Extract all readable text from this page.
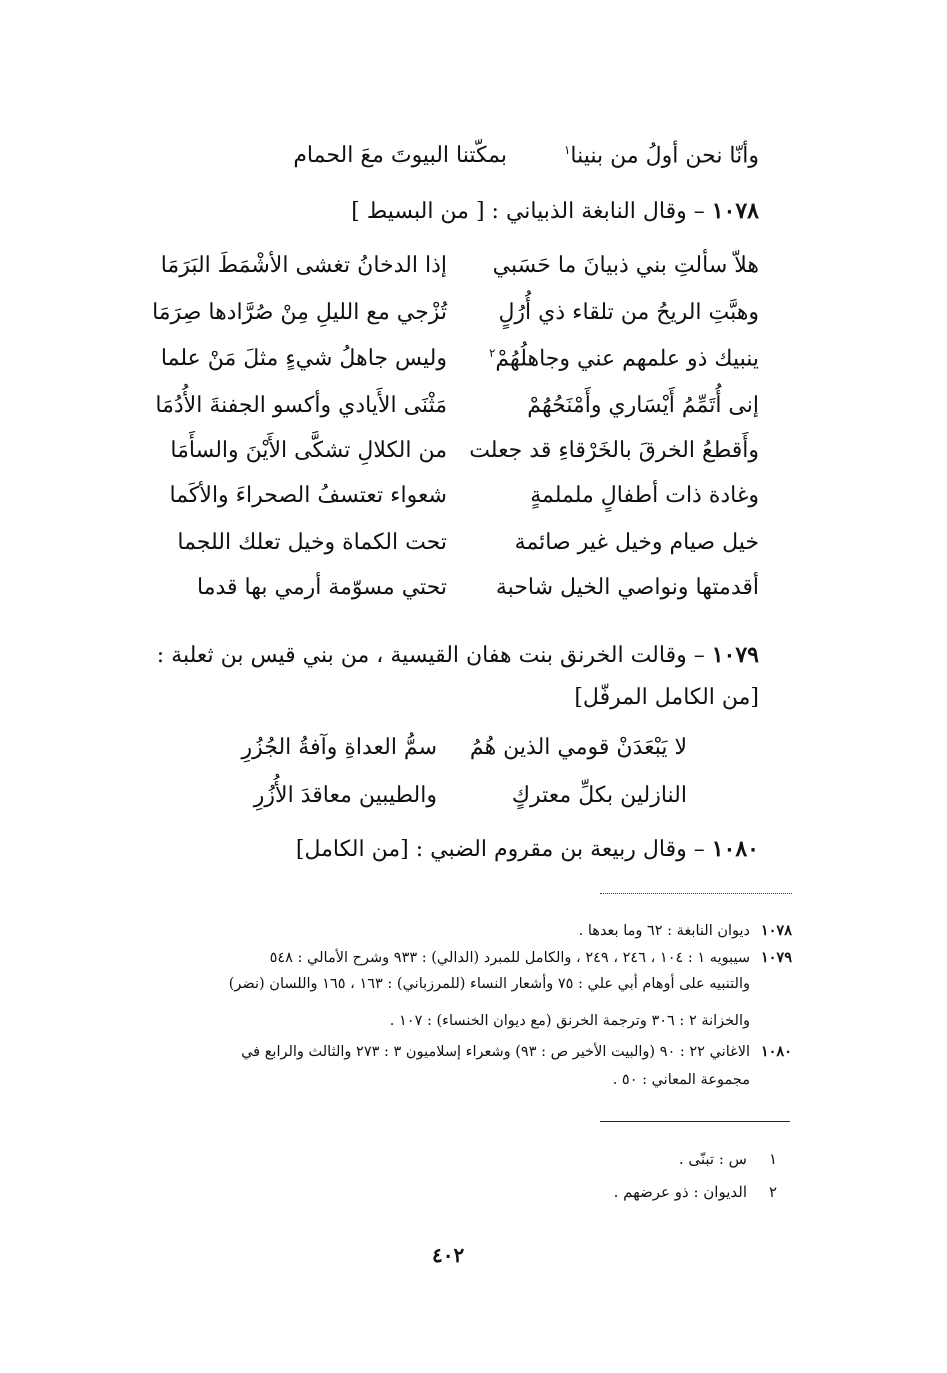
وأنّا نحن أولُ من بنينا$^١$
بمكّتنا البيوتَ معَ الحمام
١٠٧٨ – وقال النابغة الذبياني : [ من البسيط ]
هلاّ سألتِ بني ذبيانَ ما حَسَبي
إذا الدخانُ تغشى الأشْمَطَ البَرَمَا
وهبَّتِ الريحُ من تلقاء ذي أُرُلٍ
تُزْجي مع الليلِ مِنْ صُرَّادها صِرَمَا
ينبيك ذو علمهم عني وجاهلُهُمْ$^٢$
وليس جاهلُ شيءٍ مثلَ مَنْ علما
إنى أُتَمِّمُ أَيْسَاري وأَمْنَحُهُمْ
مَثْنَى الأَيادي وأكسو الجفنةَ الأُدُمَا
وأَقطعُ الخرقَ بالخَرْقاءِ قد جعلت
من الكلالِ تشكَّى الأَيْنَ والسأَمَا
وغادة ذات أطفالٍ ململمةٍ
شعواء تعتسفُ الصحراءَ والأكَما
خيل صيام وخيل غير صائمة
تحت الكماة وخيل تعلك اللجما
أقدمتها ونواصي الخيل شاحبة
تحتي مسوّمة أرمي بها قدما
١٠٧٩ – وقالت الخرنق بنت هفان القيسية ، من بني قيس بن ثعلبة :
[من الكامل المرفّل]
لا يَبْعَدَنْ قومي الذين هُمُ
سمُّ العداةِ وآفةُ الجُزُرِ
النازلين بكلِّ معتركٍ
والطيبين معاقدَ الأُزُرِ
١٠٨٠ – وقال ربيعة بن مقروم الضبي : [من الكامل]
١٠٧٨ديوان النابغة : ٦٢ وما بعدها .
١٠٧٩سيبويه ١ : ١٠٤ ، ٢٤٦ ، ٢٤٩ ، والكامل للمبرد (الدالي) : ٩٣٣ وشرح الأمالي : ٥٤٨
والتنبيه على أوهام أبي علي : ٧٥ وأشعار النساء (للمرزباني) : ١٦٣ ، ١٦٥ واللسان (نضر)
والخزانة ٢ : ٣٠٦ وترجمة الخرنق (مع ديوان الخنساء) : ١٠٧ .
١٠٨٠الاغاني ٢٢ : ٩٠ (والبيت الأخير ص : ٩٣) وشعراء إسلاميون ٣ : ٢٧٣ والثالث والرابع في
مجموعة المعاني : ٥٠ .
١س : تبنّى .
٢الديوان : ذو عرضهم .
٤٠٢
